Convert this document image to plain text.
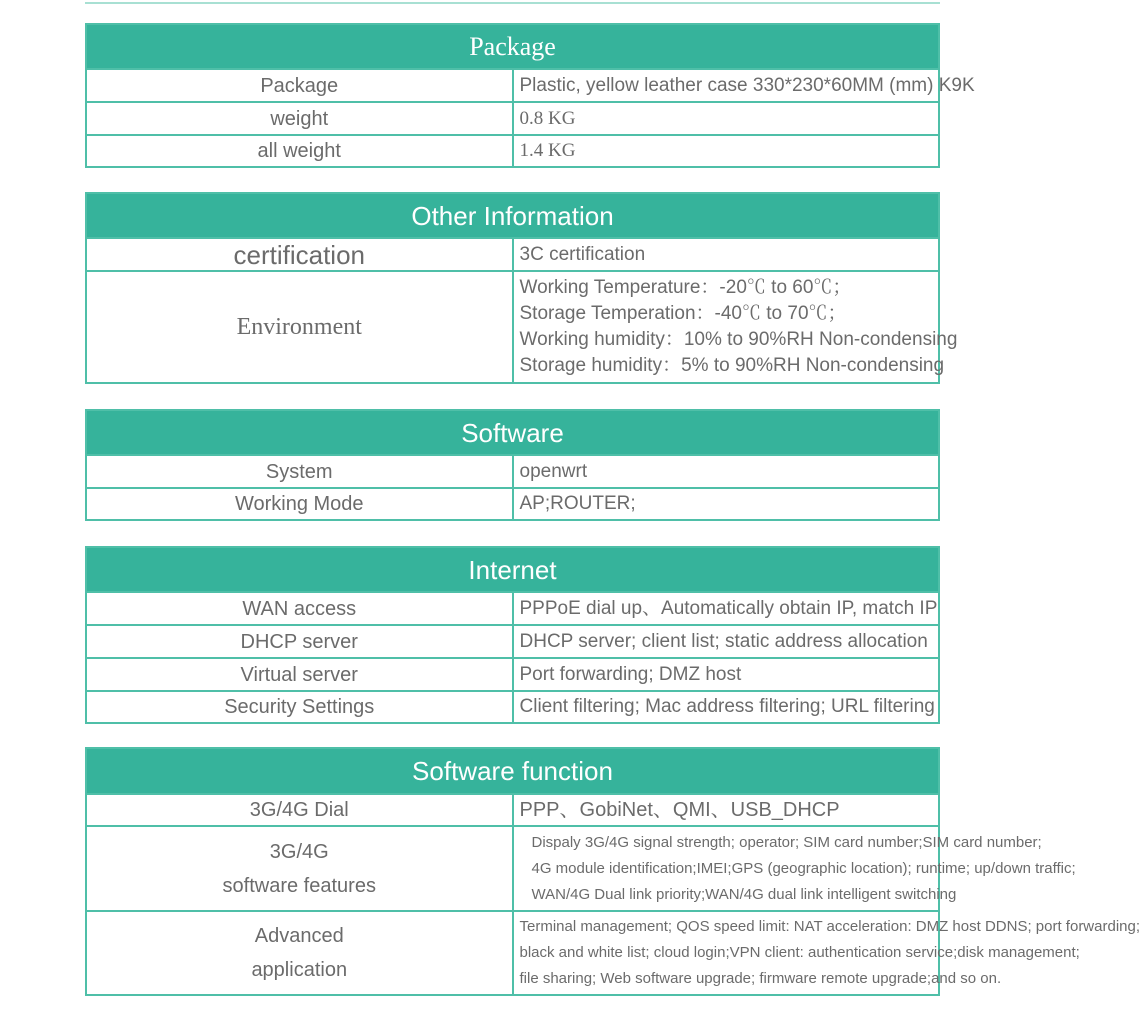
Package	
Package	Plastic, yellow leather case 330*230*60MM (mm) K9K
weight	0.8 KG
all weight	1.4 KG
Other Information	
certification	3C certification
Environment	Working Temperature：-20℃ to 60℃；
Storage Temperation：-40℃ to 70℃；
Working humidity：10% to 90%RH Non-condensing
Storage humidity：5% to 90%RH Non-condensing
Software	
System	openwrt
Working Mode	AP;ROUTER;
Internet	
WAN access	PPPoE dial up、Automatically obtain IP, match IP
DHCP server	DHCP server; client list; static address allocation
Virtual server	Port forwarding; DMZ host
Security Settings	Client filtering; Mac address filtering; URL filtering
Software function	
3G/4G Dial	PPP、GobiNet、QMI、USB_DHCP

3G/4G
software features	Dispaly 3G/4G signal strength; operator; SIM card number;SIM card number;
4G module identification;IMEI;GPS (geographic location); runtime; up/down traffic;
WAN/4G Dual link priority;WAN/4G dual link intelligent switching

Advanced
application	Terminal management; QOS speed limit: NAT acceleration: DMZ host DDNS; port forwarding;
black and white list; cloud login;VPN client: authentication service;disk management;
file sharing; Web software upgrade; firmware remote upgrade;and so on.
